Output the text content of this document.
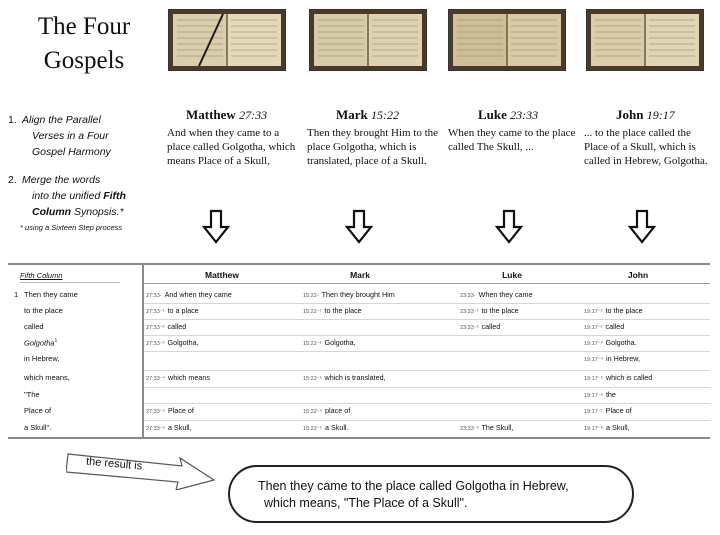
The Four
Gospels
1. Align the Parallel
Verses in a Four
Gospel Harmony
2. Merge the words
into the unified Fifth
Column Synopsis.*
* using a Sixteen Step process
Matthew 27:33
And when they came to a place called Golgotha, which means Place of a Skull,
Mark 15:22
Then they brought Him to the place Golgotha, which is translated, place of a Skull.
Luke 23:33
When they came to the place called The Skull, ...
John 19:17
... to the place called the Place of a Skull, which is called in Hebrew, Golgotha.
Fifth Column	Matthew	Mark	Luke	John
1 Then they came
to the place
called
Golgotha$^1$
in Hebrew,
which means,
"The
Place of
a Skull".
27:33- And when they came	15:22- Then they brought Him	23:33- When they came
27:33⁻¹ to a place	15:22⁻¹ to the place	23:33⁻¹ to the place	19:17⁻¹ to the place
27:33⁻² called	23:33⁻² called	19:17⁻² called
27:33⁻³ Golgotha,	15:22⁻² Golgotha,	19:17⁻³ Golgotha.
19:17⁻⁴ in Hebrew,
27:33⁻⁴ which means	15:22⁻³ which is translated,	19:17⁻⁵ which is called
19:17⁻⁶ the
27:33⁻⁵ Place of	15:22⁻⁴ place of	19:17⁻⁷ Place of
27:33⁻⁶ a Skull,	15:22⁻⁵ a Skull.	23:33⁻³ The Skull,	19:17⁻⁸ a Skull,
the result is
Then they came to the place called Golgotha in Hebrew,
which means, "The Place of a Skull".
